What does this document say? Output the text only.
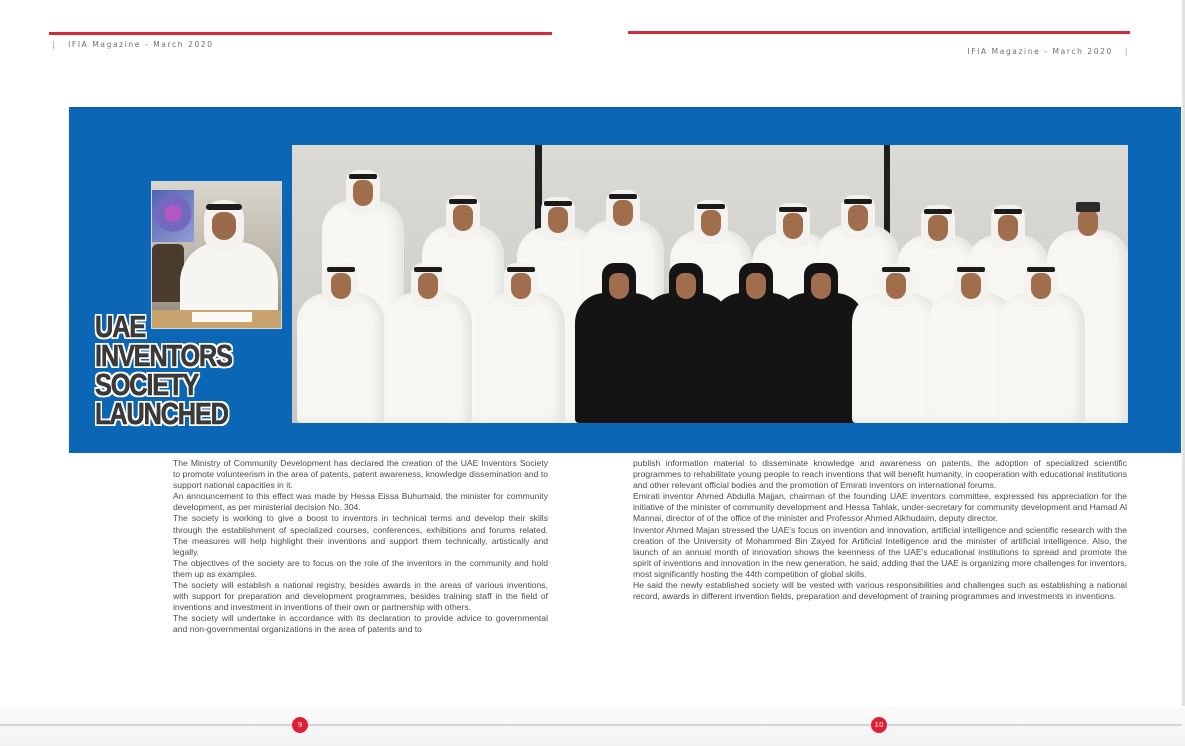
| IFIA Magazine - March 2020
IFIA Magazine - March 2020 |
UAE
INVENTORS
SOCIETY
LAUNCHED

The Ministry of Community Development has declared the creation of the UAE Inventors Society to promote volunteerism in the area of patents, patent awareness, knowledge dissemination and to support national capacities in it.

An announcement to this effect was made by Hessa Eissa Buhumaid, the minister for community development, as per ministerial decision No. 304.

The society is working to give a boost to inventors in technical terms and develop their skills through the establishment of specialized courses, conferences, exhibitions and forums related. The measures will help highlight their inventions and support them technically, artistically and legally.

The objectives of the society are to focus on the role of the inventors in the community and hold them up as examples.

The society will establish a national registry, besides awards in the areas of various inventions, with support for preparation and development programmes, besides training staff in the field of inventions and investment in inventions of their own or partnership with others.

The society will undertake in accordance with its declaration to provide advice to governmental and non-governmental organizations in the area of patents and to

publish information material to disseminate knowledge and awareness on patents, the adoption of specialized scientific programmes to rehabilitate young people to reach inventions that will benefit humanity, in cooperation with educational institutions and other relevant official bodies and the promotion of Emirati inventors on international forums.

Emirati inventor Ahmed Abdulla Majjan, chairman of the founding UAE inventors committee, expressed his appreciation for the initiative of the minister of community development and Hessa Tahlak, under-secretary for community development and Hamad Al Mannai, director of of the office of the minister and Professor Ahmed Alkhudaim, deputy director.

Inventor Ahmed Majan stressed the UAE's focus on invention and innovation, artificial intelligence and scientific research with the creation of the University of Mohammed Bin Zayed for Artificial Intelligence and the minister of artificial intelligence. Also, the launch of an annual month of innovation shows the keenness of the UAE's educational institutions to spread and promote the spirit of inventions and innovation in the new generation, he said, adding that the UAE is organizing more challenges for inventors, most significantly hosting the 44th competition of global skills.

He said the newly established society will be vested with various responsibilities and challenges such as establishing a national record, awards in different invention fields, preparation and development of training programmes and investments in inventions.

9	10
